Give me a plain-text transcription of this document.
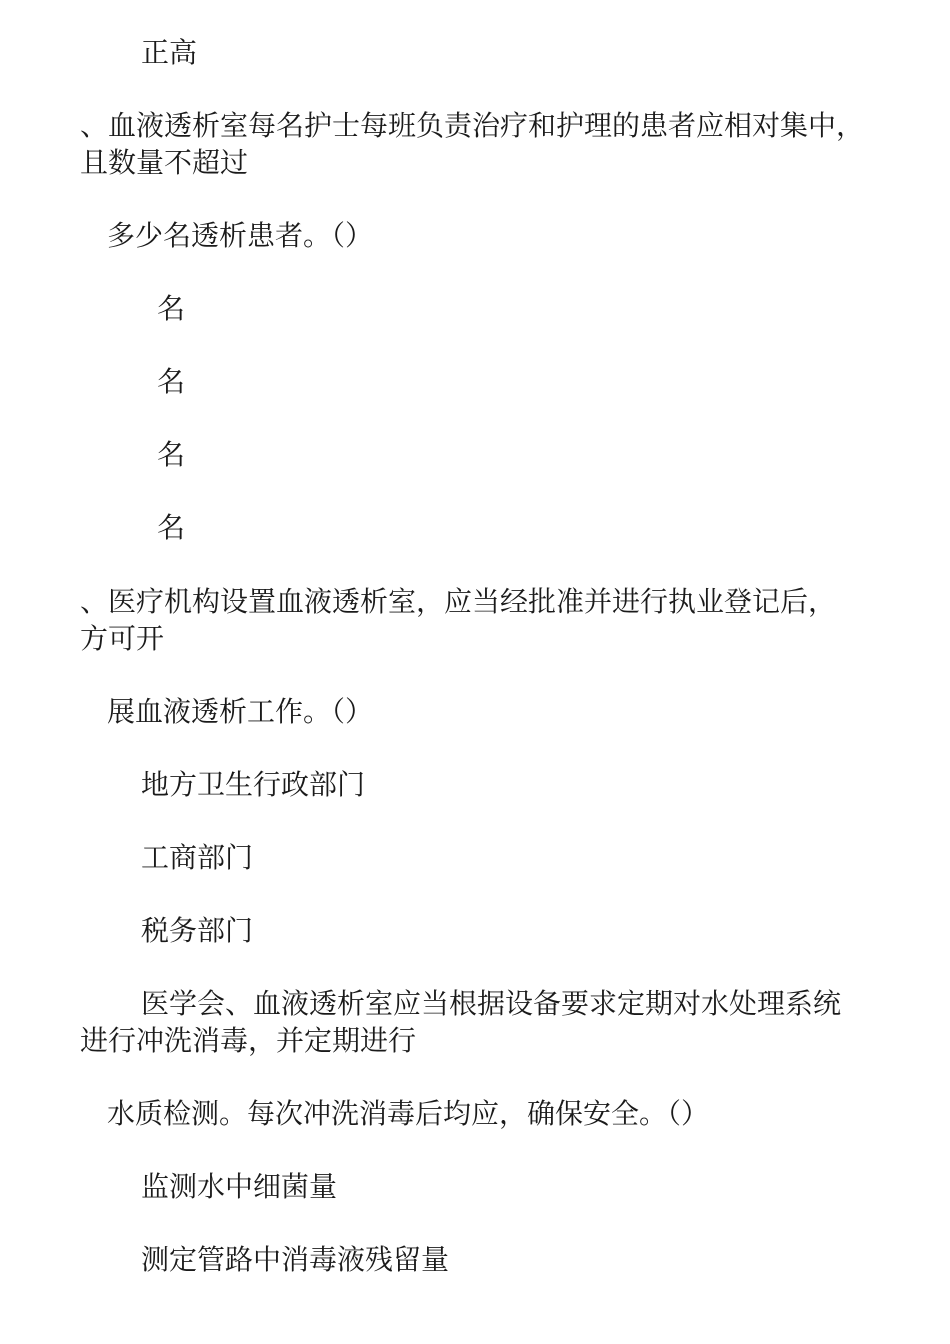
正高
、血液透析室每名护士每班负责治疗和护理的患者应相对集中，
且数量不超过
多少名透析患者。（）
名
名
名
名
、医疗机构设置血液透析室，应当经批准并进行执业登记后，
方可开
展血液透析工作。（）
地方卫生行政部门
工商部门
税务部门
医学会、血液透析室应当根据设备要求定期对水处理系统
进行冲洗消毒，并定期进行
水质检测。每次冲洗消毒后均应，确保安全。（）
监测水中细菌量
测定管路中消毒液残留量
